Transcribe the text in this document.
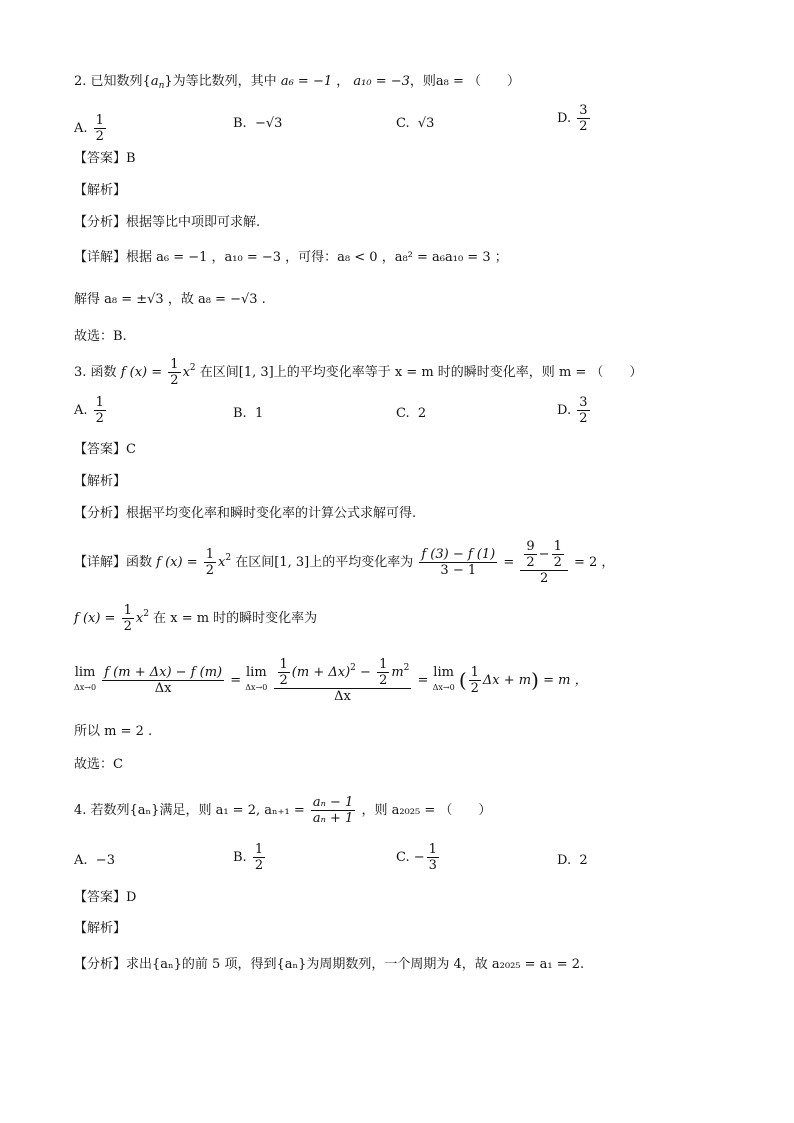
2. 已知数列$\{a_n\}$为等比数列，其中 a₆ = −1 ， a₁₀ = −3，则a₈ = （　　）
A. $\frac{1}{2}$	B. −√3	C. √3	D. $\frac{3}{2}$
【答案】B
【解析】
【分析】根据等比中项即可求解.
【详解】根据 a₆ = −1 ，a₁₀ = −3 ，可得：a₈ < 0 ，a₈² = a₆a₁₀ = 3 ；
解得 a₈ = ±√3 ，故 a₈ = −√3 .
故选：B.
3. 函数 f $(x) = \frac{1}{2} x^2$ 在区间[1, 3]上的平均变化率等于 x = m 时的瞬时变化率，则 m = （　　）
A. $\frac{1}{2}$	B. 1	C. 2	D. $\frac{3}{2}$
【答案】C
【解析】
【分析】根据平均变化率和瞬时变化率的计算公式求解可得.
【详解】函数 f $(x) = \frac{1}{2} x^2$ 在区间[1, 3]上的平均变化率为 $\frac{f (3) - f (1)}{3 - 1} = \frac{\frac{9}{2} - \frac{1}{2}}{2} = 2$ ，
f $(x) = \frac{1}{2} x^2$ 在 x = m 时的瞬时变化率为
lim
$\Delta x\to 0 \frac{f (m + \Delta x) - f (m)}{\Delta x} = \lim$
$\Delta x\to 0 \frac{\frac{1}{2} (m + \Delta x)^2 - \frac{1}{2} m^2}{\Delta x} = \lim$
Δx→0 ( $\frac{1}{2}$ Δx + m) = m ，
所以 m = 2 .
故选：C
4. 若数列{aₙ}满足，则 a₁ = 2, $a_{n+1} = \frac{\text{aₙ − 1}}{\text{aₙ + 1}}$ ，则 a₂₀₂₅ = （　　）
A. −3	B. $\frac{1}{2}$	C. − $\frac{1}{3}$	D. 2
【答案】D
【解析】
【分析】求出{aₙ}的前 5 项，得到{aₙ}为周期数列，一个周期为 4，故 a₂₀₂₅ = a₁ = 2.
